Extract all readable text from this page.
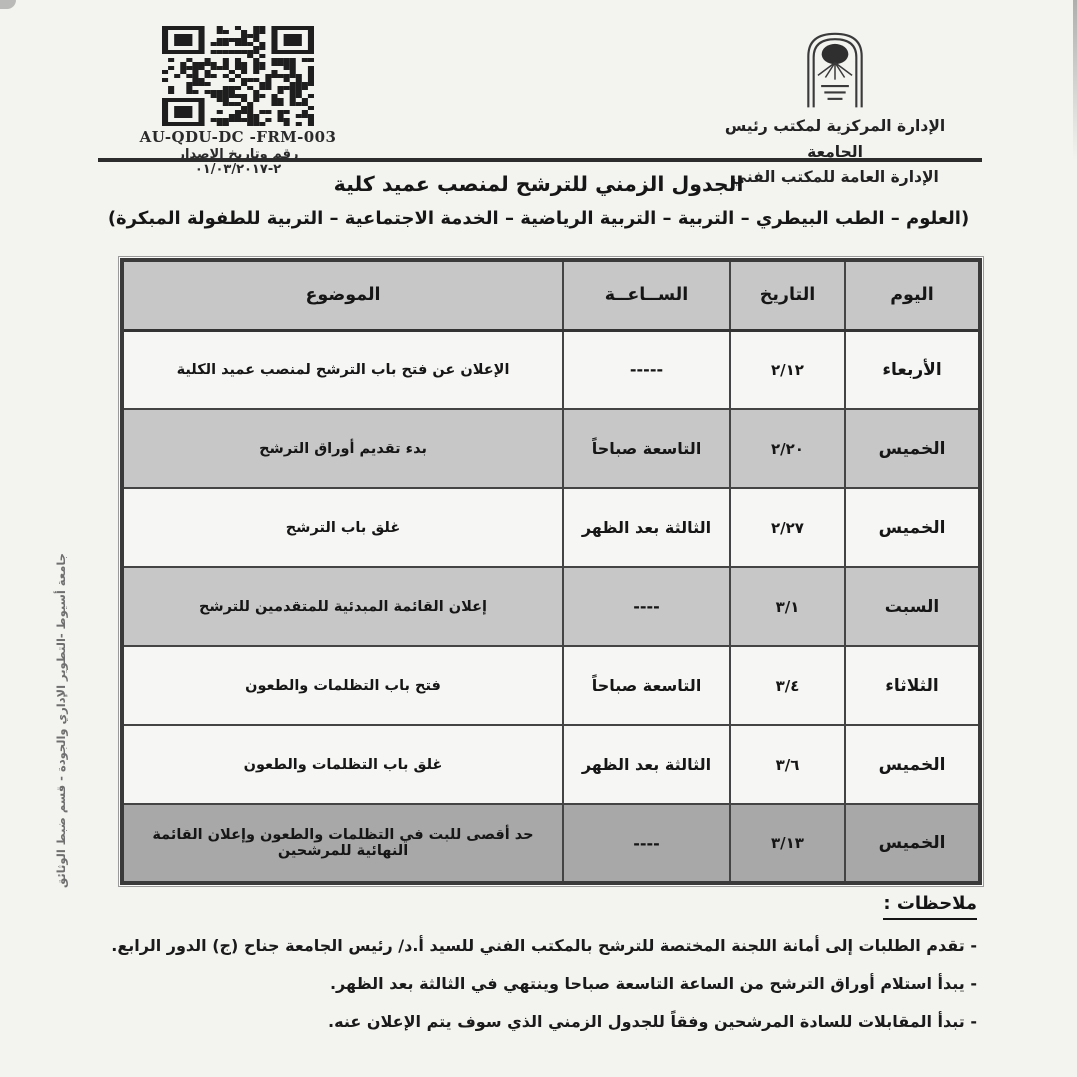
AU-QDU-DC -FRM-003
رقم وتاريخ الإصدار ٢-٠١/٠٣/٢٠١٧
الإدارة المركزية لمكتب رئيس الجامعة
الإدارة العامة للمكتب الفني
الجدول الزمني للترشح لمنصب عميد كلية
(العلوم – الطب البيطري – التربية – التربية الرياضية – الخدمة الاجتماعية – التربية للطفولة المبكرة)
اليوم	التاريخ	الســاعــة	الموضوع
الأربعاء	٢/١٢	-----	الإعلان عن فتح باب الترشح لمنصب عميد الكلية
الخميس	٢/٢٠	التاسعة صباحاً	بدء تقديم أوراق الترشح
الخميس	٢/٢٧	الثالثة بعد الظهر	غلق باب الترشح
السبت	٣/١	----	إعلان القائمة المبدئية للمتقدمين للترشح
الثلاثاء	٣/٤	التاسعة صباحاً	فتح باب التظلمات والطعون
الخميس	٣/٦	الثالثة بعد الظهر	غلق باب التظلمات والطعون
الخميس	٣/١٣	----	حد أقصى للبت في التظلمات والطعون وإعلان القائمة النهائية للمرشحين
ملاحظات :
- تقدم الطلبات إلى أمانة اللجنة المختصة للترشح بالمكتب الفني للسيد أ.د/ رئيس الجامعة جناح (ج) الدور الرابع.
- يبدأ استلام أوراق الترشح من الساعة التاسعة صباحا وينتهي في الثالثة بعد الظهر.
- تبدأ المقابلات للسادة المرشحين وفقاً للجدول الزمني الذي سوف يتم الإعلان عنه.
جامعة أسيوط -التطوير الإداري والجودة - قسم ضبط الوثائق
